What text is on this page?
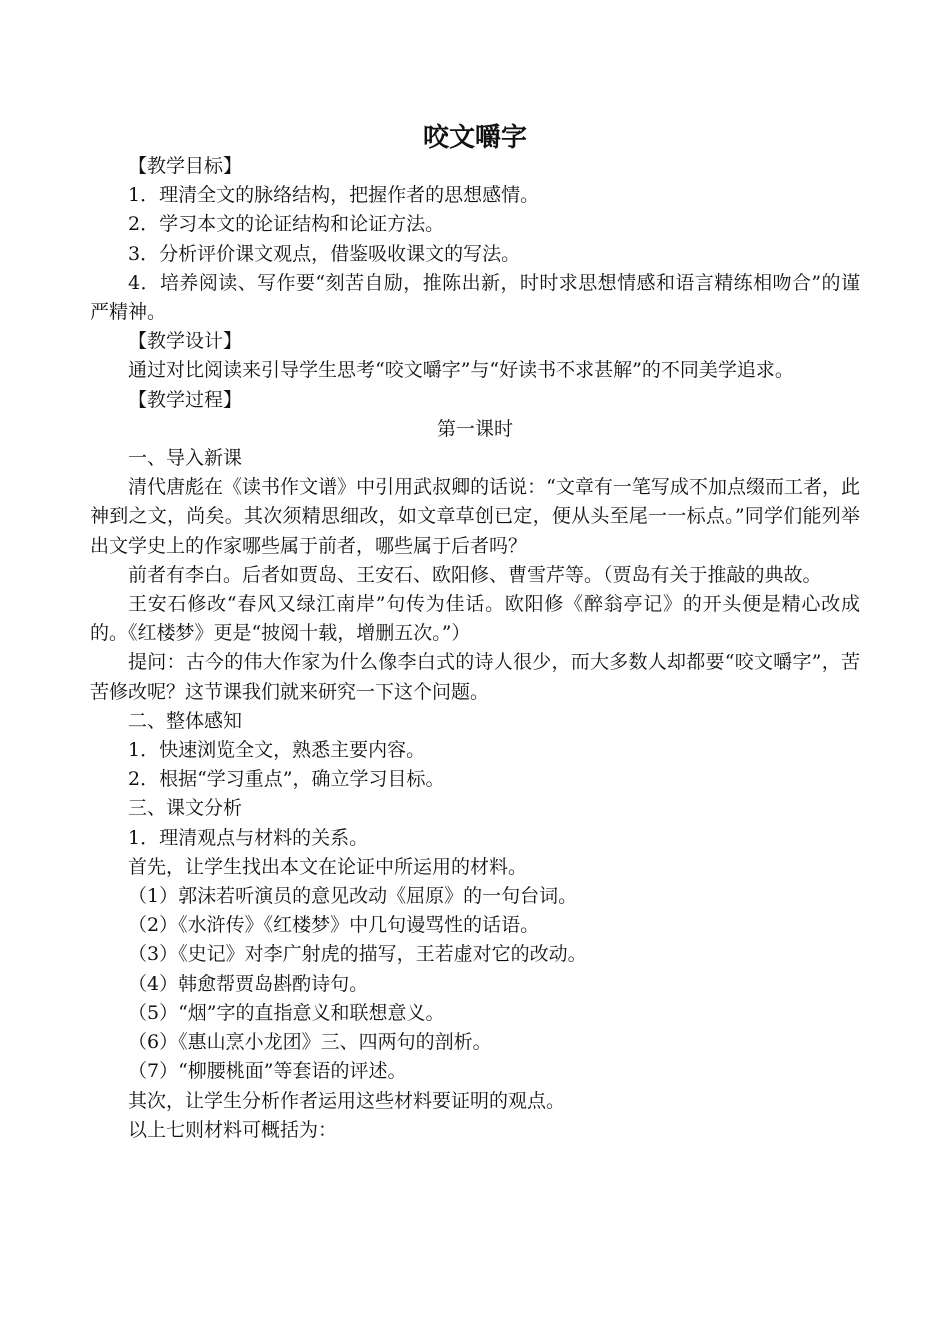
咬文嚼字

【教学目标】

1．理清全文的脉络结构，把握作者的思想感情。

2．学习本文的论证结构和论证方法。

3．分析评价课文观点，借鉴吸收课文的写法。

4．培养阅读、写作要“刻苦自励，推陈出新，时时求思想情感和语言精练相吻合”的谨严精神。

【教学设计】

通过对比阅读来引导学生思考“咬文嚼字”与“好读书不求甚解”的不同美学追求。

【教学过程】

第一课时

一、导入新课

清代唐彪在《读书作文谱》中引用武叔卿的话说：“文章有一笔写成不加点缀而工者，此神到之文，尚矣。其次须精思细改，如文章草创已定，便从头至尾一一标点。”同学们能列举出文学史上的作家哪些属于前者，哪些属于后者吗？

前者有李白。后者如贾岛、王安石、欧阳修、曹雪芹等。（贾岛有关于推敲的典故。

王安石修改“春风又绿江南岸”句传为佳话。欧阳修《醉翁亭记》的开头便是精心改成的。《红楼梦》更是“披阅十载，增删五次。”）

提问：古今的伟大作家为什么像李白式的诗人很少，而大多数人却都要“咬文嚼字”，苦苦修改呢？这节课我们就来研究一下这个问题。

二、整体感知

1．快速浏览全文，熟悉主要内容。

2．根据“学习重点”，确立学习目标。

三、课文分析

1．理清观点与材料的关系。

首先，让学生找出本文在论证中所运用的材料。

（1）郭沫若听演员的意见改动《屈原》的一句台词。

（2）《水浒传》《红楼梦》中几句谩骂性的话语。

（3）《史记》对李广射虎的描写，王若虚对它的改动。

（4）韩愈帮贾岛斟酌诗句。

（5）“烟”字的直指意义和联想意义。

（6）《惠山烹小龙团》三、四两句的剖析。

（7）“柳腰桃面”等套语的评述。

其次，让学生分析作者运用这些材料要证明的观点。

以上七则材料可概括为：
